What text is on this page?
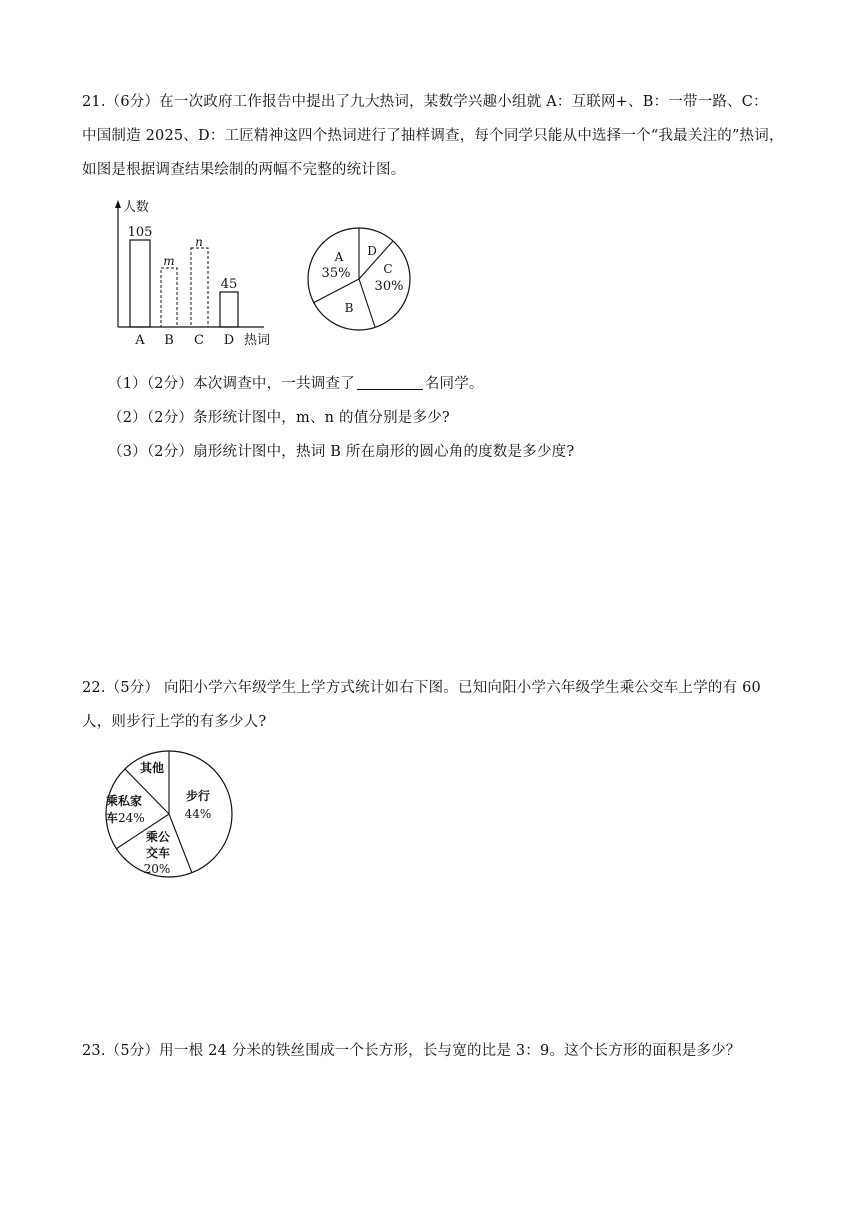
21.（6分）在一次政府工作报告中提出了九大热词，某数学兴趣小组就 A：互联网+、B：一带一路、C：
中国制造 2025、D：工匠精神这四个热词进行了抽样调查，每个同学只能从中选择一个“我最关注的”热词，
如图是根据调查结果绘制的两幅不完整的统计图。
人数
热词
105
m
n
45
A B C D
A
35%
D
C
30%
B
（1）（2分）本次调查中，一共调查了	名同学。
（2）（2分）条形统计图中，m、n 的值分别是多少?
（3）（2分）扇形统计图中，热词 B 所在扇形的圆心角的度数是多少度?
22.（5分） 向阳小学六年级学生上学方式统计如右下图。已知向阳小学六年级学生乘公交车上学的有 60
人，则步行上学的有多少人?
其他
步行
44%
乘私家 车24%
乘公 交车
20%
23.（5分）用一根 24 分米的铁丝围成一个长方形，长与宽的比是 3：9。这个长方形的面积是多少？
